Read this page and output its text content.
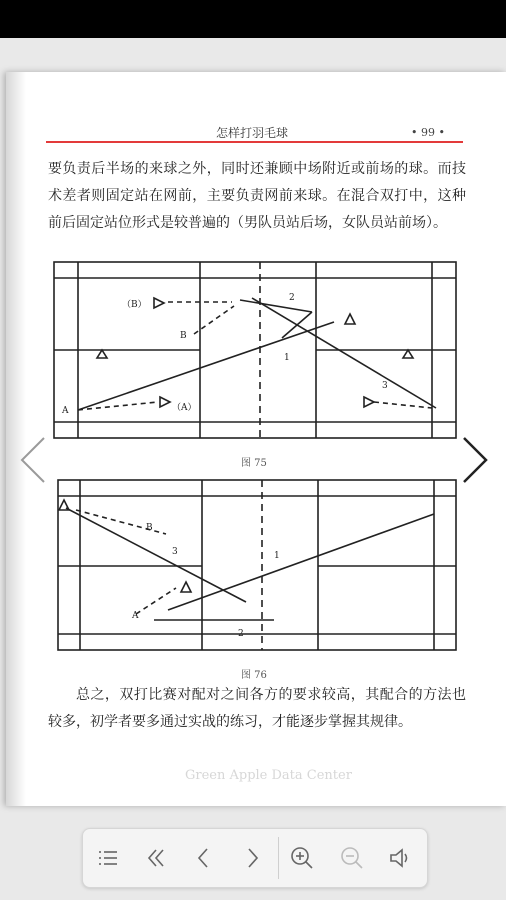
怎样打羽毛球	• 99 •
要负责后半场的来球之外，同时还兼顾中场附近或前场的球。而技术差者则固定站在网前，主要负责网前来球。在混合双打中，这种前后固定站位形式是较普遍的（男队员站后场，女队员站前场）。
（B）
B
A	（A）
1
2
3
图 75
B
A
1
2
3
图 76
总之，双打比赛对配对之间各方的要求较高，其配合的方法也较多，初学者要多通过实战的练习，才能逐步掌握其规律。
Green Apple Data Center
